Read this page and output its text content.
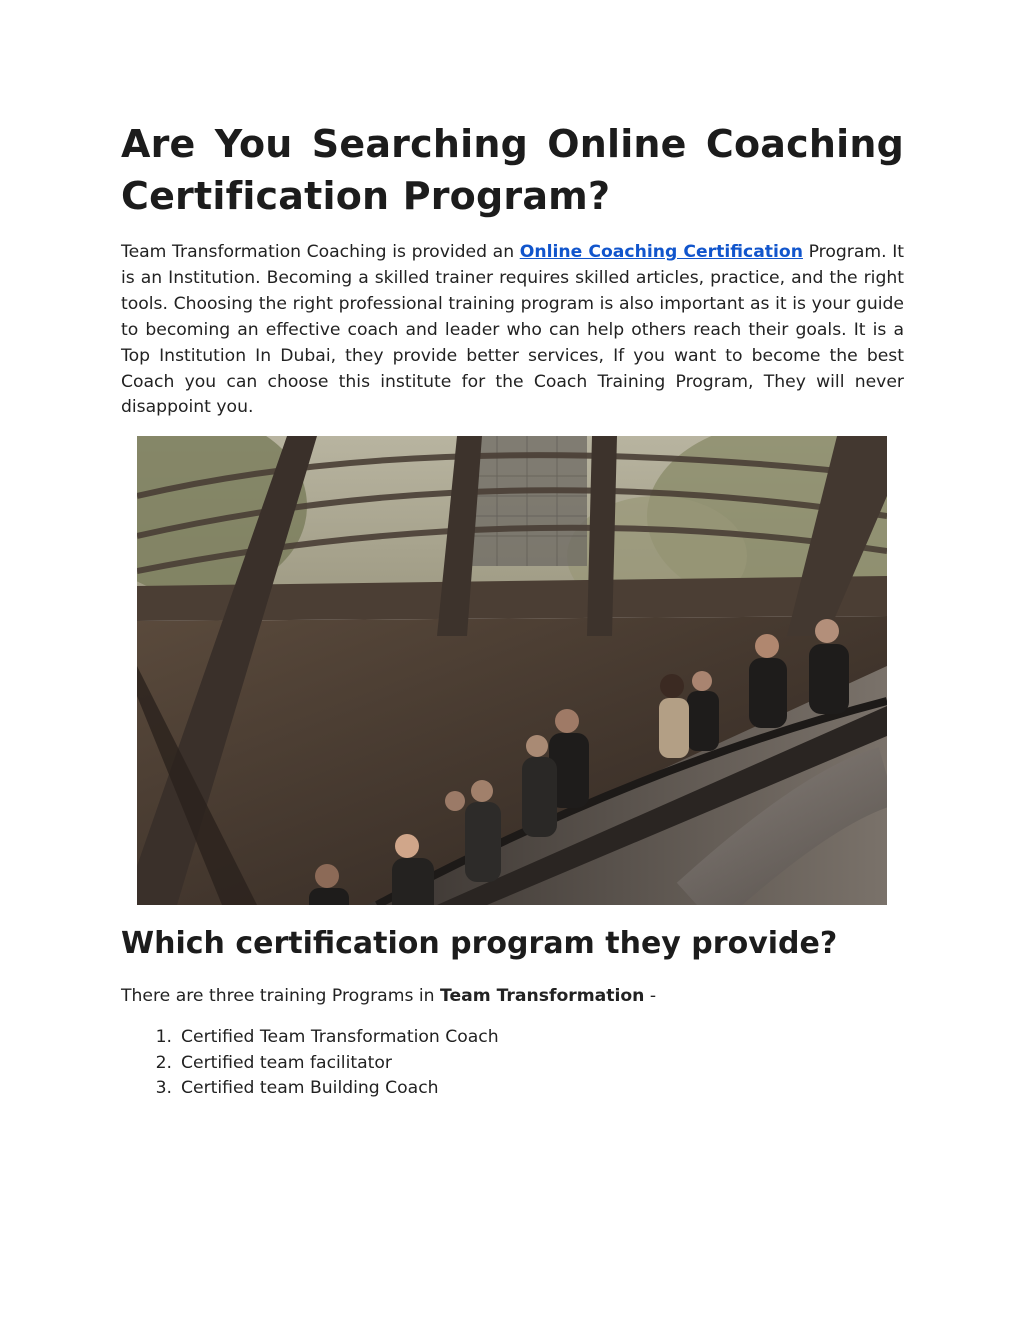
Are You Searching Online Coaching Certification Program?

Team Transformation Coaching is provided an Online Coaching Certification Program. It is an Institution. Becoming a skilled trainer requires skilled articles, practice, and the right tools. Choosing the right professional training program is also important as it is your guide to becoming an effective coach and leader who can help others reach their goals. It is a Top Institution In Dubai, they provide better services, If you want to become the best Coach you can choose this institute for the Coach Training Program, They will never disappoint you.

Which certification program they provide?

There are three training Programs in Team Transformation -

1. Certified Team Transformation Coach
2. Certified team facilitator
3. Certified team Building Coach
